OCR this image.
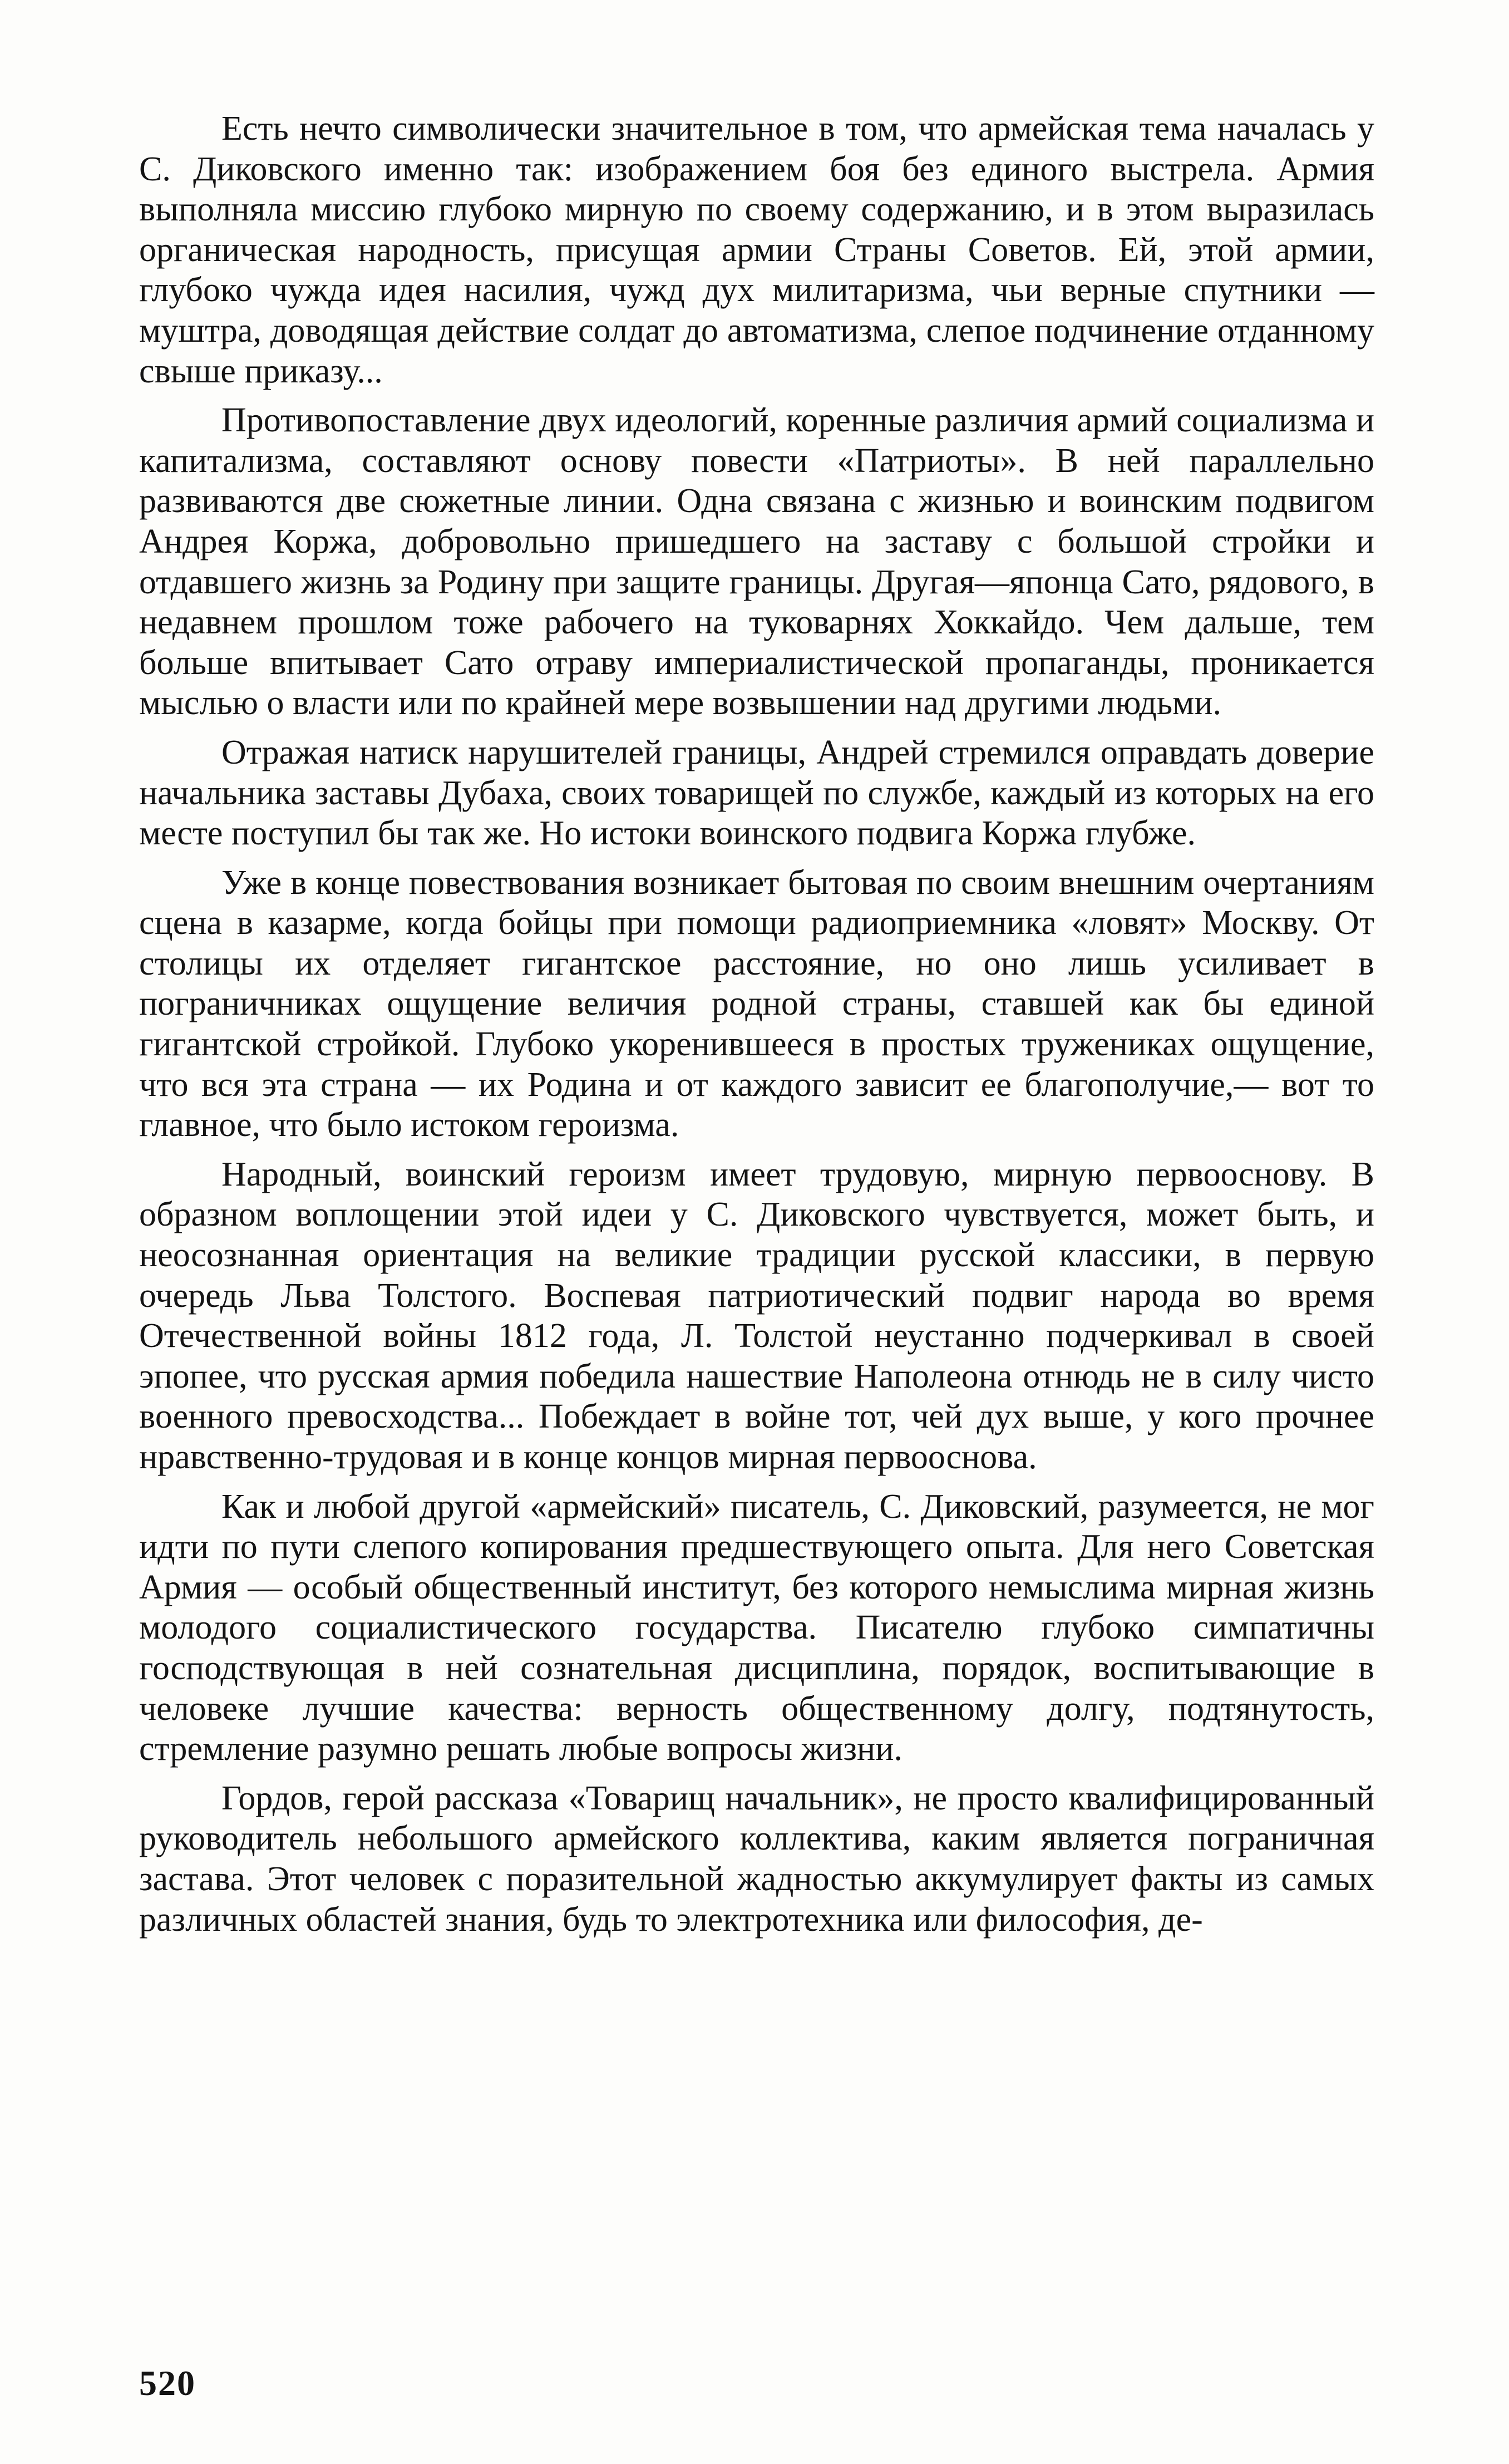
Есть нечто символически значительное в том, что армейская тема началась у С. Диковского именно так: изображением боя без единого выстрела. Армия выполняла миссию глубоко мирную по своему содержанию, и в этом выразилась органическая народность, присущая армии Страны Советов. Ей, этой армии, глубоко чужда идея насилия, чужд дух милитаризма, чьи верные спутники — муштра, доводящая действие солдат до автоматизма, слепое подчинение отданному свыше приказу...

Противопоставление двух идеологий, коренные различия армий социализма и капитализма, составляют основу повести «Патриоты». В ней параллельно развиваются две сюжетные линии. Одна связана с жизнью и воинским подвигом Андрея Коржа, добровольно пришедшего на заставу с большой стройки и отдавшего жизнь за Родину при защите границы. Другая—японца Сато, рядового, в недавнем прошлом тоже рабочего на туковарнях Хоккайдо. Чем дальше, тем больше впитывает Сато отраву империалистической пропаганды, проникается мыслью о власти или по крайней мере возвышении над другими людьми.

Отражая натиск нарушителей границы, Андрей стремился оправдать доверие начальника заставы Дубаха, своих товарищей по службе, каждый из которых на его месте поступил бы так же. Но истоки воинского подвига Коржа глубже.

Уже в конце повествования возникает бытовая по своим внешним очертаниям сцена в казарме, когда бойцы при помощи радиоприемника «ловят» Москву. От столицы их отделяет гигантское расстояние, но оно лишь усиливает в пограничниках ощущение величия родной страны, ставшей как бы единой гигантской стройкой. Глубоко укоренившееся в простых тружениках ощущение, что вся эта страна — их Родина и от каждого зависит ее благополучие,— вот то главное, что было истоком героизма.

Народный, воинский героизм имеет трудовую, мирную первооснову. В образном воплощении этой идеи у С. Диковского чувствуется, может быть, и неосознанная ориентация на великие традиции русской классики, в первую очередь Льва Толстого. Воспевая патриотический подвиг народа во время Отечественной войны 1812 года, Л. Толстой неустанно подчеркивал в своей эпопее, что русская армия победила нашествие Наполеона отнюдь не в силу чисто военного превосходства... Побеждает в войне тот, чей дух выше, у кого прочнее нравственно-трудовая и в конце концов мирная первооснова.

Как и любой другой «армейский» писатель, С. Диковский, разумеется, не мог идти по пути слепого копирования предшествующего опыта. Для него Советская Армия — особый общественный институт, без которого немыслима мирная жизнь молодого социалистического государства. Писателю глубоко симпатичны господствующая в ней сознательная дисциплина, порядок, воспитывающие в человеке лучшие качества: верность общественному долгу, подтянутость, стремление разумно решать любые вопросы жизни.

Гордов, герой рассказа «Товарищ начальник», не просто квалифицированный руководитель небольшого армейского коллектива, каким является пограничная застава. Этот человек с поразительной жадностью аккумулирует факты из самых различных областей знания, будь то электротехника или философия, де-

520
